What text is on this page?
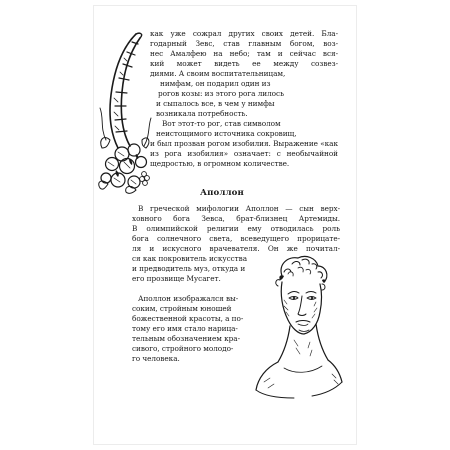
как уже сожрал других своих детей. Бла-
годарный Зевс, став главным богом, воз-
нес Амалфею на небо; там и сейчас вся-
кий может видеть ее между созвез-
диями. А своим воспитательницам,
нимфам, он подарил один из
рогов козы: из этого рога лилось
и сыпалось все, в чем у нимфы
возникала потребность.
Вот этот-то рог, став символом
неистощимого источника сокровищ,
и был прозван рогом изобилия. Выражение «как
из рога изобилия» означает: с необычайной
щедростью, в огромном количестве.
Аполлон
В греческой мифологии Аполлон — сын верх-
ховного бога Зевса, брат-близнец Артемиды.
В олимпийской религии ему отводилась роль
бога солнечного света, всеведущего прорицате-
ля и искусного врачевателя. Он же почитал-
ся как покровитель искусства
и предводитель муз, откуда и
его прозвище Мусагет.
Аполлон изображался вы-
соким, стройным юношей
божественной красоты, а по-
тому его имя стало нарица-
тельным обозначением кра-
сивого, стройного молодо-
го человека.
